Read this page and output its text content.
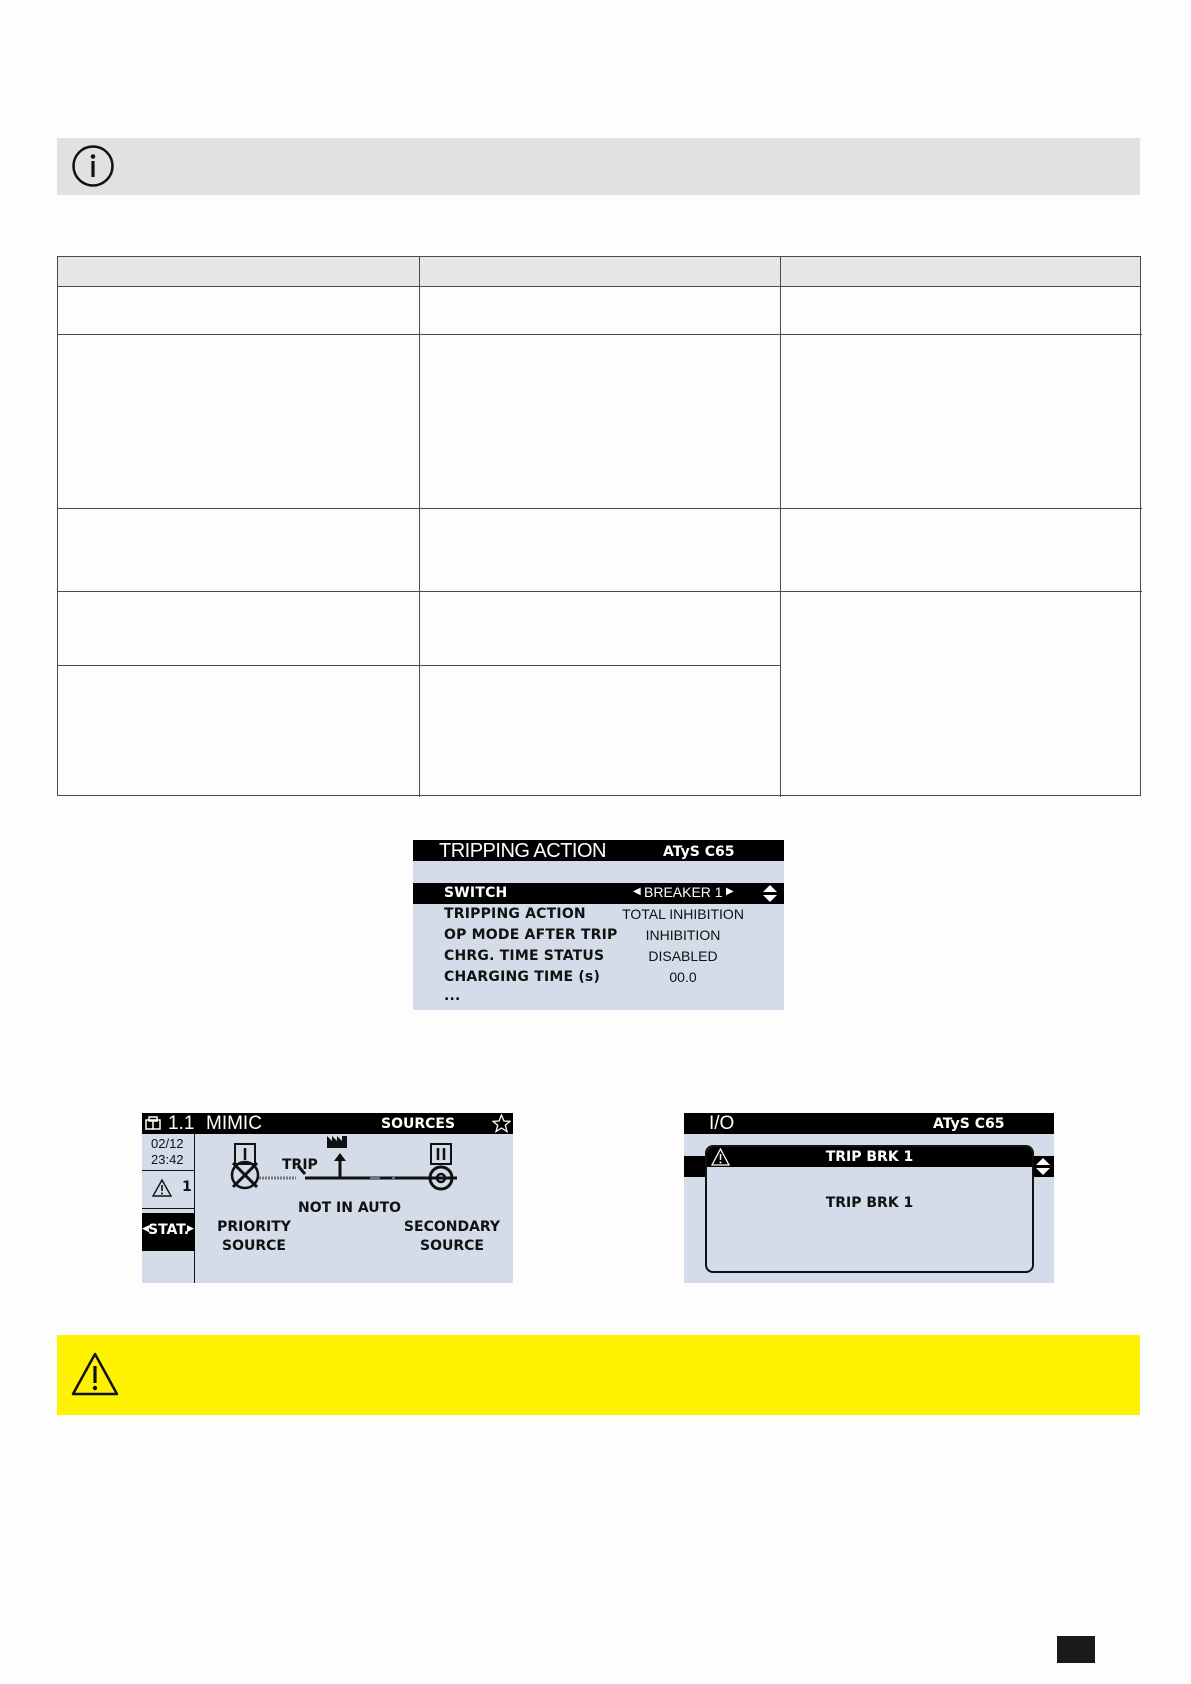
TRIPPING ACTION	ATyS C65
SWITCH	◀ BREAKER 1 ▶
TRIPPING ACTION	TOTAL INHIBITION
OP MODE AFTER TRIP	INHIBITION
CHRG. TIME STATUS	DISABLED
CHARGING TIME (s)	00.0
...
1.1 MIMIC	SOURCES
02/12
23:42
1
◀ STAT.
▶
TRIP
NOT IN AUTO
PRIORITY
SOURCE
SECONDARY
SOURCE
I/O	ATyS C65
TRIP BRK 1
TRIP BRK 1
